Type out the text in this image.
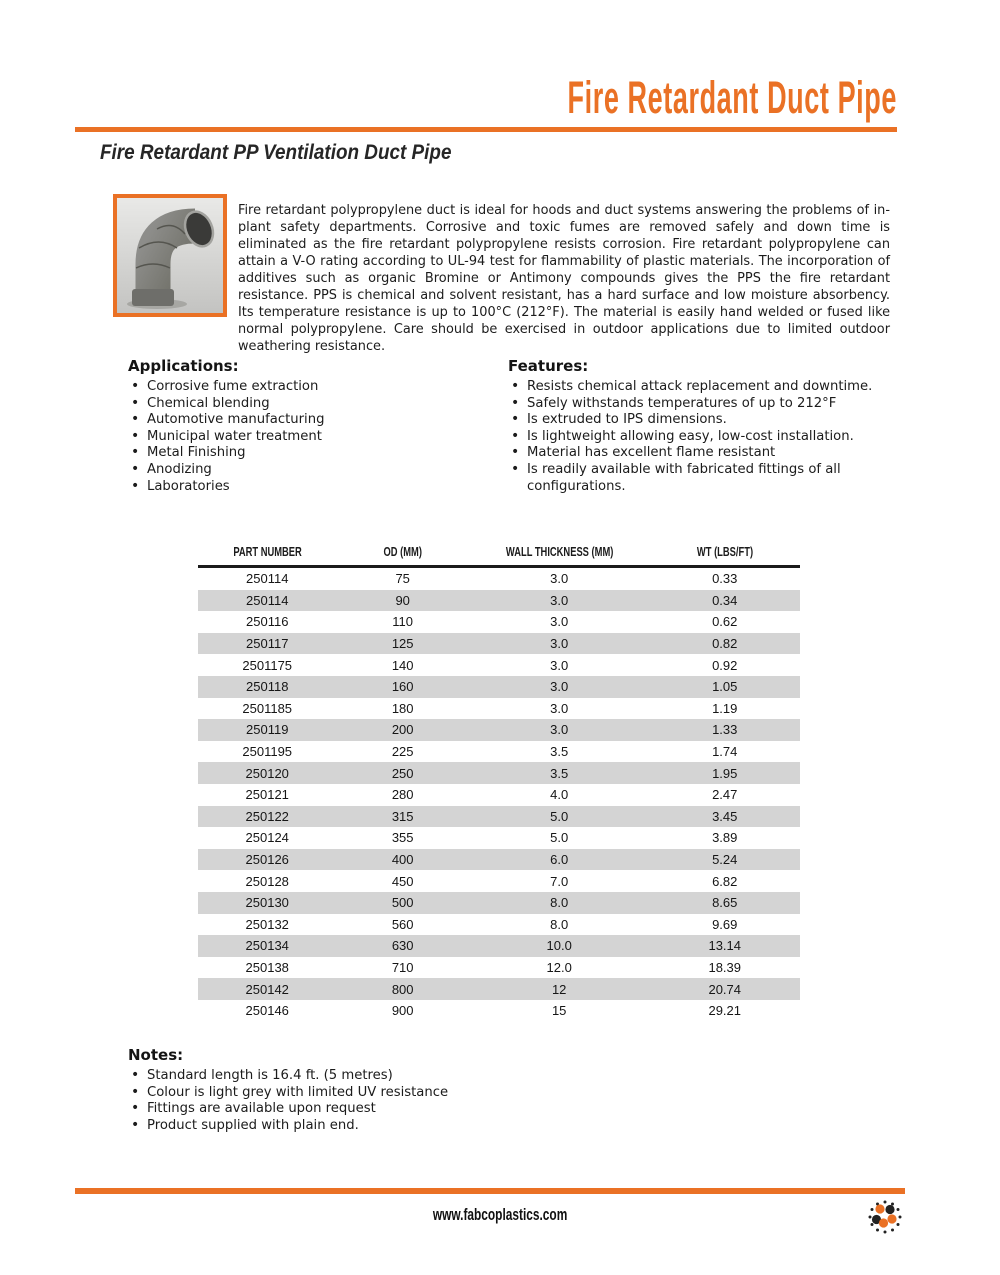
Fire Retardant Duct Pipe
Fire Retardant PP Ventilation Duct Pipe

Fire retardant polypropylene duct is ideal for hoods and duct systems answering the problems of in-plant safety departments. Corrosive and toxic fumes are removed safely and down time is eliminated as the fire retardant polypropylene resists corrosion. Fire retardant polypropylene can attain a V-O rating according to UL-94 test for flammability of plastic materials. The incorporation of additives such as organic Bromine or Antimony compounds gives the PPS the fire retardant resistance. PPS is chemical and solvent resistant, has a hard surface and low moisture absorbency. Its temperature resistance is up to 100°C (212°F). The material is easily hand welded or fused like normal polypropylene. Care should be exercised in outdoor applications due to limited outdoor weathering resistance.

Applications:
• Corrosive fume extraction
• Chemical blending
• Automotive manufacturing
• Municipal water treatment
• Metal Finishing
• Anodizing
• Laboratories
Features:
• Resists chemical attack replacement and downtime.
• Safely withstands temperatures of up to 212°F
• Is extruded to IPS dimensions.
• Is lightweight allowing easy, low-cost installation.
• Material has excellent flame resistant
• Is readily available with fabricated fittings of all configurations.
PART NUMBER	OD (MM)	WALL THICKNESS (MM)	WT (LBS/FT)
250114	75	3.0	0.33
250114	90	3.0	0.34
250116	110	3.0	0.62
250117	125	3.0	0.82
2501175	140	3.0	0.92
250118	160	3.0	1.05
2501185	180	3.0	1.19
250119	200	3.0	1.33
2501195	225	3.5	1.74
250120	250	3.5	1.95
250121	280	4.0	2.47
250122	315	5.0	3.45
250124	355	5.0	3.89
250126	400	6.0	5.24
250128	450	7.0	6.82
250130	500	8.0	8.65
250132	560	8.0	9.69
250134	630	10.0	13.14
250138	710	12.0	18.39
250142	800	12	20.74
250146	900	15	29.21
Notes:
• Standard length is 16.4 ft. (5 metres)
• Colour is light grey with limited UV resistance
• Fittings are available upon request
• Product supplied with plain end.
www.fabcoplastics.com
